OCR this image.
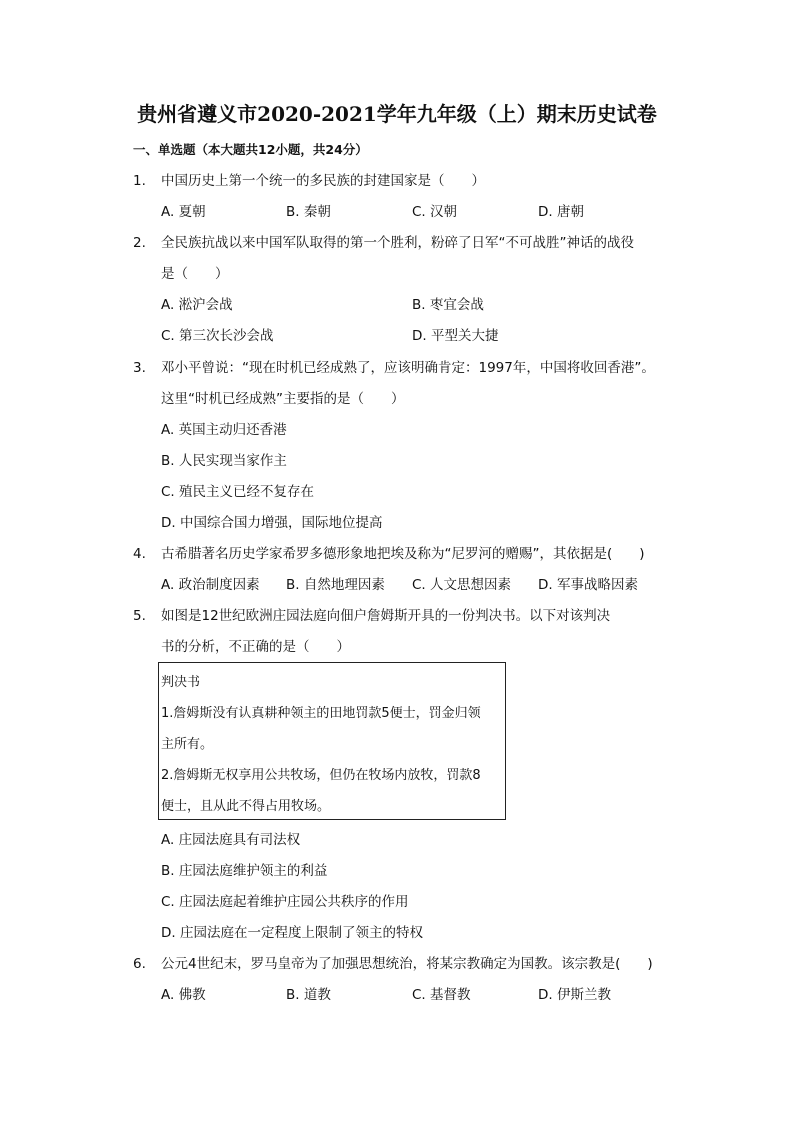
贵州省遵义市2020-2021学年九年级（上）期末历史试卷
一、单选题（本大题共12小题，共24分）
1.	中国历史上第一个统一的多民族的封建国家是（　　）
A. 夏朝	B. 秦朝	C. 汉朝	D. 唐朝
2.	全民族抗战以来中国军队取得的第一个胜利，粉碎了日军“不可战胜”神话的战役
是（　　）
A. 淞沪会战	B. 枣宜会战
C. 第三次长沙会战	D. 平型关大捷
3.	邓小平曾说：“现在时机已经成熟了，应该明确肯定：1997年，中国将收回香港”。
这里“时机已经成熟”主要指的是（　　）
A. 英国主动归还香港
B. 人民实现当家作主
C. 殖民主义已经不复存在
D. 中国综合国力增强，国际地位提高
4.	古希腊著名历史学家希罗多德形象地把埃及称为“尼罗河的赠赐”，其依据是(　　)
A. 政治制度因素 B. 自然地理因素 C. 人文思想因素 D. 军事战略因素
5.	如图是12世纪欧洲庄园法庭向佃户詹姆斯开具的一份判决书。以下对该判决
书的分析，不正确的是（　　）
判决书
1.詹姆斯没有认真耕种领主的田地罚款5便士，罚金归领
主所有。
2.詹姆斯无权享用公共牧场，但仍在牧场内放牧，罚款8
便士，且从此不得占用牧场。
A. 庄园法庭具有司法权
B. 庄园法庭维护领主的利益
C. 庄园法庭起着维护庄园公共秩序的作用
D. 庄园法庭在一定程度上限制了领主的特权
6.	公元4世纪末，罗马皇帝为了加强思想统治，将某宗教确定为国教。该宗教是(　　)
A. 佛教	B. 道教	C. 基督教	D. 伊斯兰教
